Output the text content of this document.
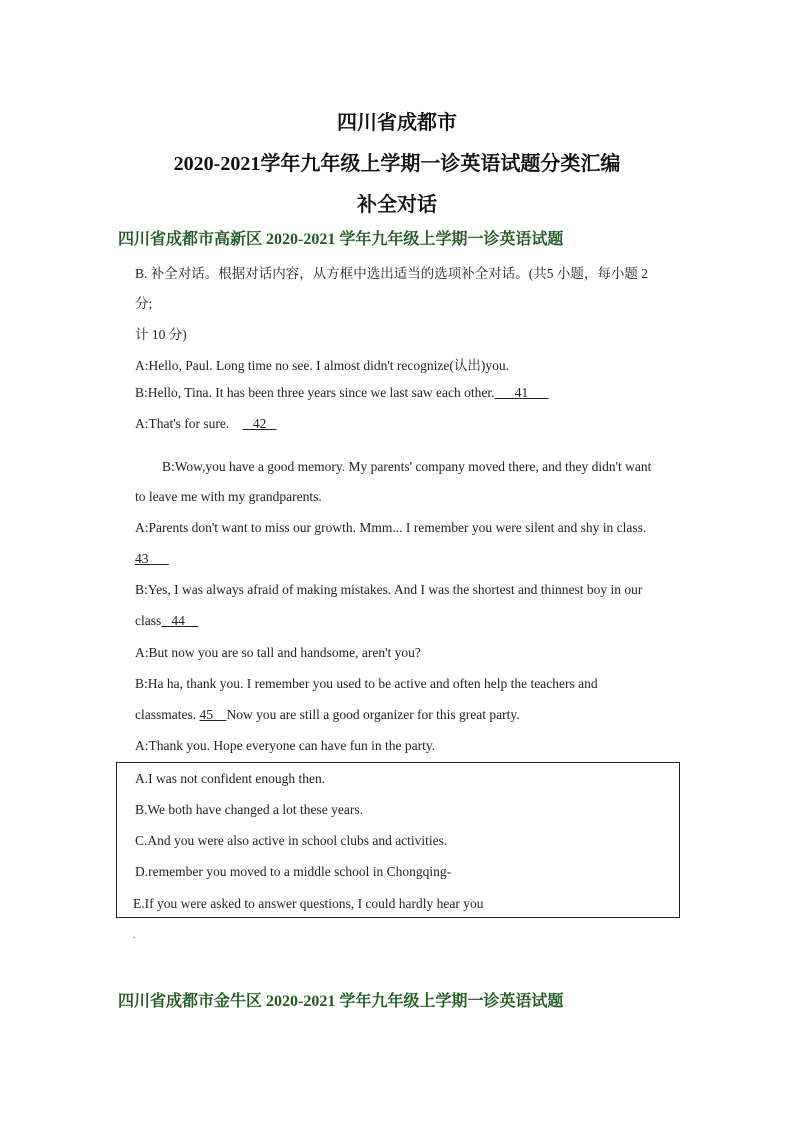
四川省成都市
2020-2021学年九年级上学期一诊英语试题分类汇编
补全对话
四川省成都市高新区 2020-2021 学年九年级上学期一诊英语试题
B. 补全对话。根据对话内容，从方框中选出适当的选项补全对话。(共5 小题，每小题 2
分;
计 10 分)
A:Hello, Paul. Long time no see. I almost didn't recognize(认出)you.
B:Hello, Tina. It has been three years since we last saw each other.      41
A:That's for sure.       42
B:Wow,you have a good memory. My parents' company moved there, and they didn't want
to leave me with my grandparents.
A:Parents don't want to miss our growth. Mmm... I remember you were silent and shy in class.
43
B:Yes, I was always afraid of making mistakes. And I was the shortest and thinnest boy in our
class   44
A:But now you are so tall and handsome, aren't you?
B:Ha ha, thank you. I remember you used to be active and often help the teachers and
classmates. 45    Now you are still a good organizer for this great party.
A:Thank you. Hope everyone can have fun in the party.
A.I was not confident enough then.
B.We both have changed a lot these years.
C.And you were also active in school clubs and activities.
D.remember you moved to a middle school in Chongqing-
E.If you were asked to answer questions, I could hardly hear you
.
四川省成都市金牛区 2020-2021 学年九年级上学期一诊英语试题
